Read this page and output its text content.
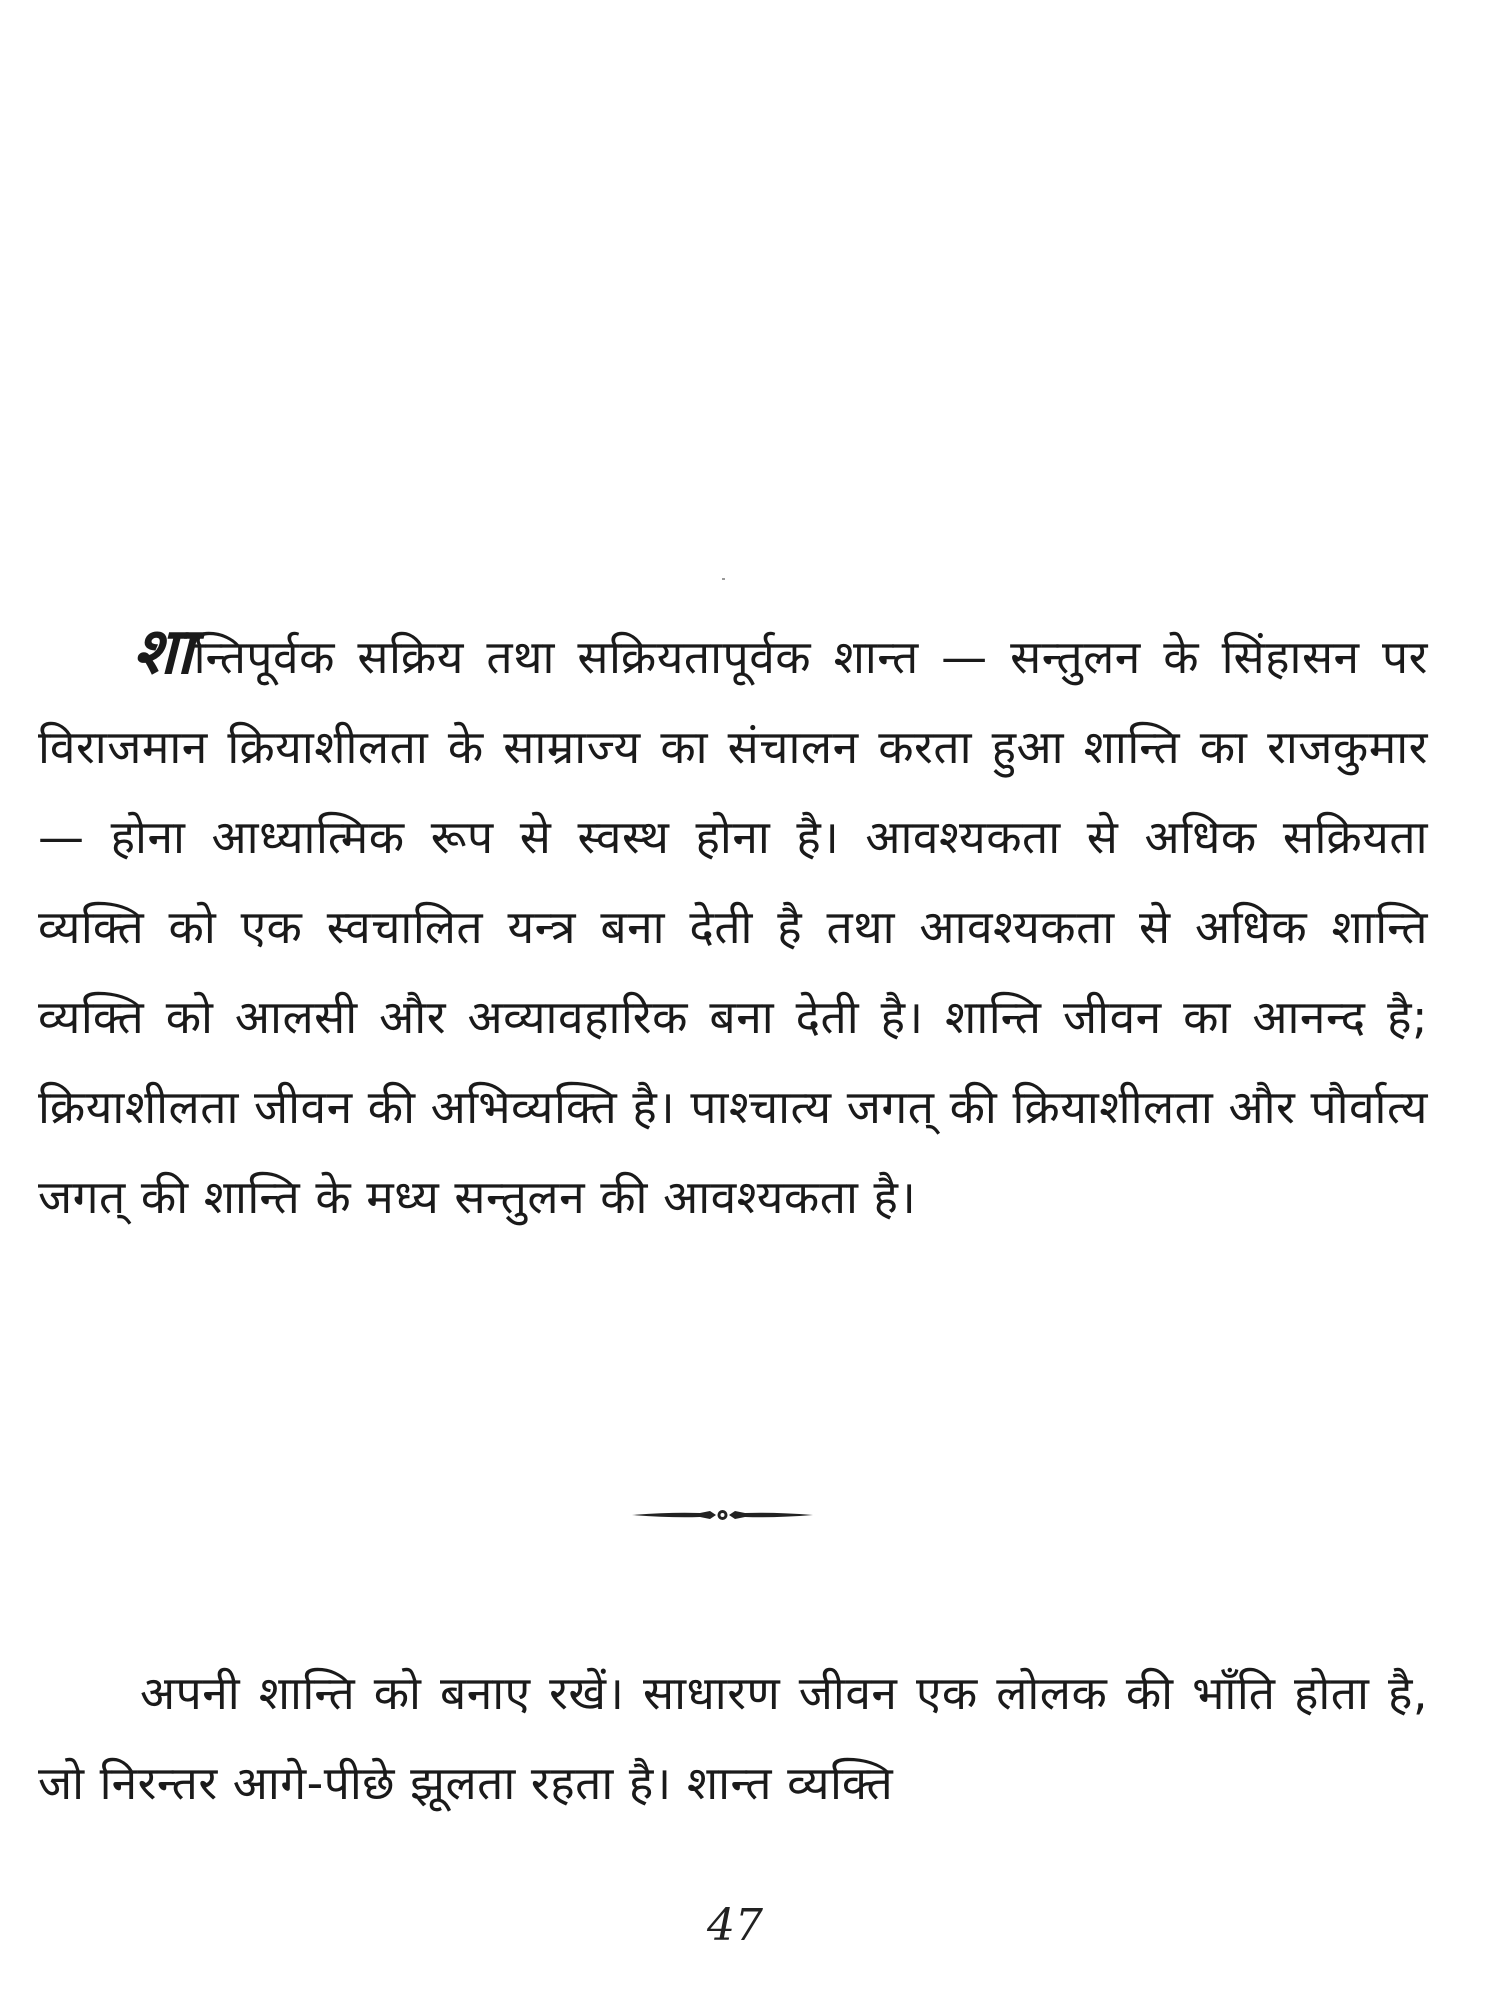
शान्तिपूर्वक सक्रिय तथा सक्रियतापूर्वक शान्त — सन्तुलन के सिंहासन पर विराजमान क्रियाशीलता के साम्राज्य का संचालन करता हुआ शान्ति का राजकुमार — होना आध्यात्मिक रूप से स्वस्थ होना है। आवश्यकता से अधिक सक्रियता व्यक्ति को एक स्वचालित यन्त्र बना देती है तथा आवश्यकता से अधिक शान्ति व्यक्ति को आलसी और अव्यावहारिक बना देती है। शान्ति जीवन का आनन्द है; क्रियाशीलता जीवन की अभिव्यक्ति है। पाश्चात्य जगत् की क्रियाशीलता और पौर्वात्य जगत् की शान्ति के मध्य सन्तुलन की आवश्यकता है।

अपनी शान्ति को बनाए रखें। साधारण जीवन एक लोलक की भाँति होता है, जो निरन्तर आगे-पीछे झूलता रहता है। शान्त व्यक्ति

47
